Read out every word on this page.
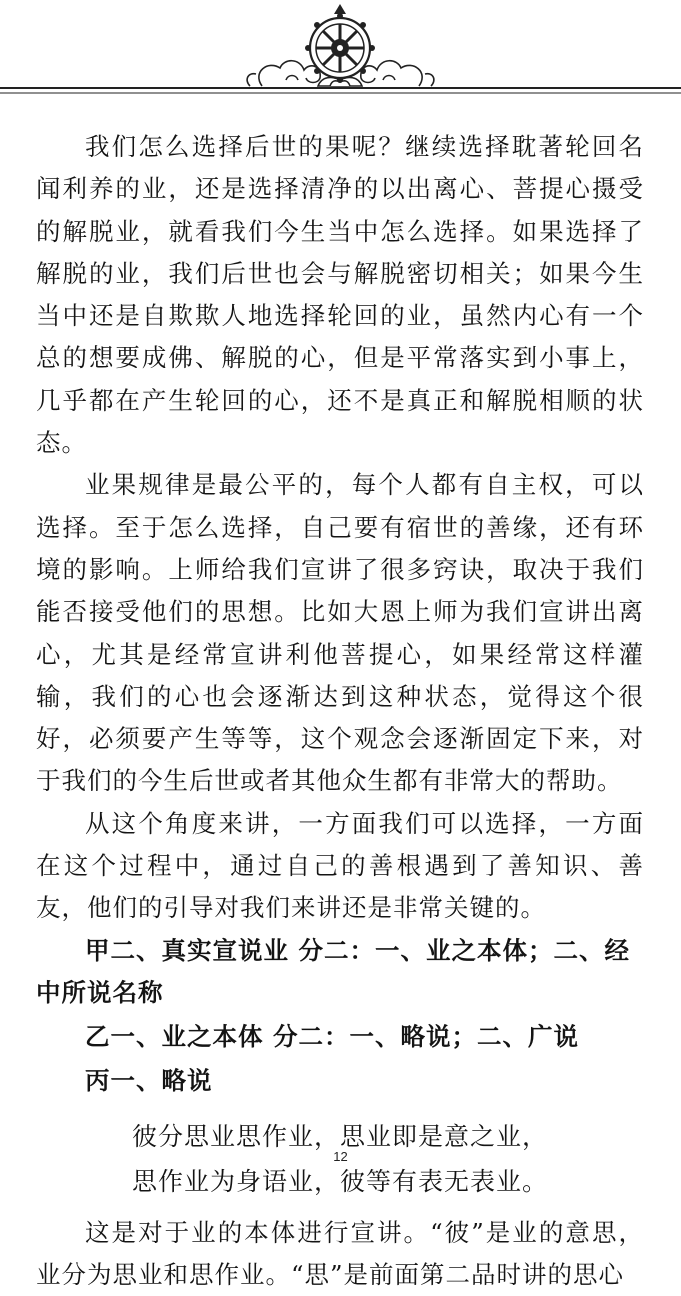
我们怎么选择后世的果呢？继续选择耽著轮回名闻利养的业，还是选择清净的以出离心、菩提心摄受的解脱业，就看我们今生当中怎么选择。如果选择了解脱的业，我们后世也会与解脱密切相关；如果今生当中还是自欺欺人地选择轮回的业，虽然内心有一个总的想要成佛、解脱的心，但是平常落实到小事上，几乎都在产生轮回的心，还不是真正和解脱相顺的状态。

业果规律是最公平的，每个人都有自主权，可以选择。至于怎么选择，自己要有宿世的善缘，还有环境的影响。上师给我们宣讲了很多窍诀，取决于我们能否接受他们的思想。比如大恩上师为我们宣讲出离心，尤其是经常宣讲利他菩提心，如果经常这样灌输，我们的心也会逐渐达到这种状态，觉得这个很好，必须要产生等等，这个观念会逐渐固定下来，对于我们的今生后世或者其他众生都有非常大的帮助。

从这个角度来讲，一方面我们可以选择，一方面在这个过程中，通过自己的善根遇到了善知识、善友，他们的引导对我们来讲还是非常关键的。

甲二、真实宣说业 分二：一、业之本体；二、经中所说名称

乙一、业之本体 分二：一、略说；二、广说

丙一、略说

彼分思业思作业，思业即是意之业，

思作业为身语业，彼等有表无表业。

这是对于业的本体进行宣讲。“彼”是业的意思，业分为思业和思作业。“思”是前面第二品时讲的思心

12
